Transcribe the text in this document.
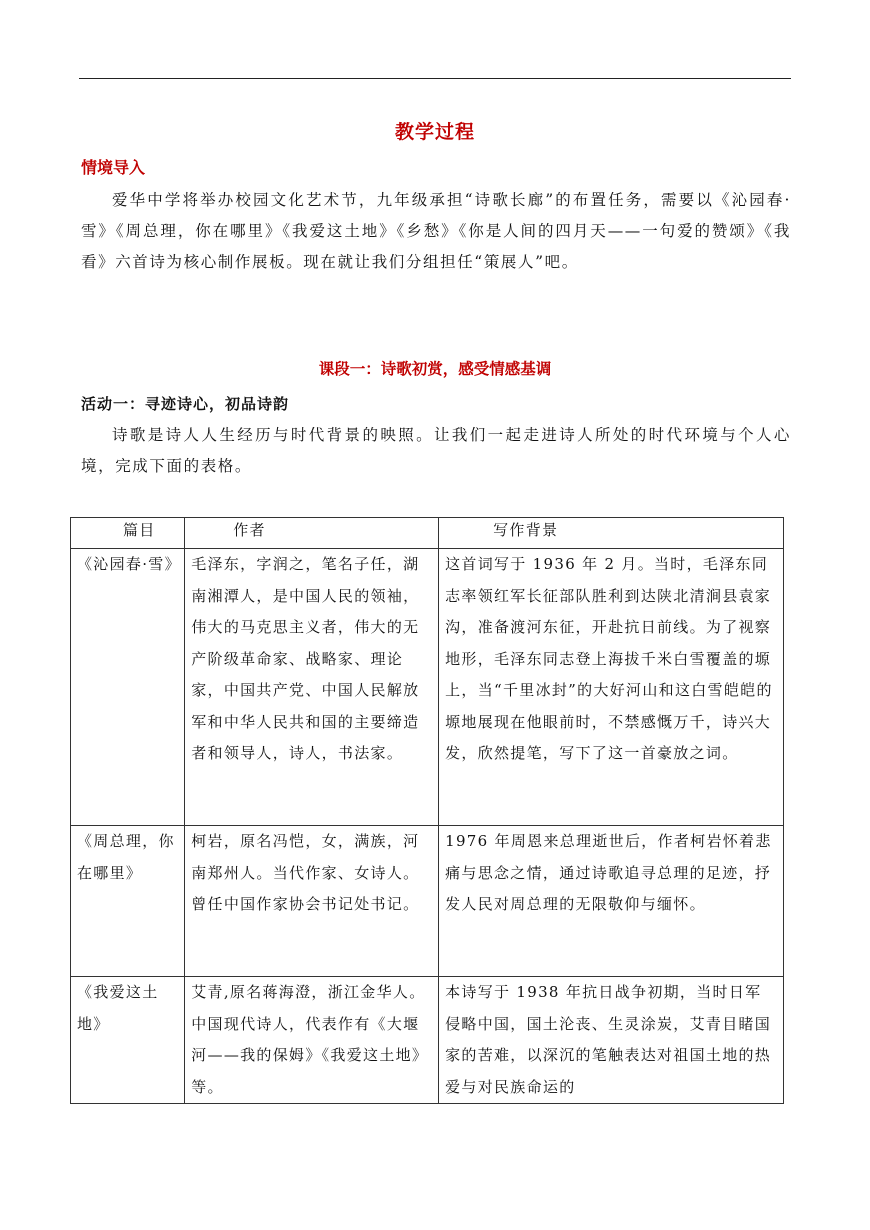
教学过程
情境导入
爱华中学将举办校园文化艺术节，九年级承担“诗歌长廊”的布置任务，需要以《沁园春·雪》《周总理，你在哪里》《我爱这土地》《乡愁》《你是人间的四月天——一句爱的赞颂》《我看》六首诗为核心制作展板。现在就让我们分组担任“策展人”吧。
课段一：诗歌初赏，感受情感基调
活动一：寻迹诗心，初品诗韵
诗歌是诗人人生经历与时代背景的映照。让我们一起走进诗人所处的时代环境与个人心境，完成下面的表格。
篇目	作者	写作背景
《沁园春·雪》	毛泽东，字润之，笔名子任，湖南湘潭人，是中国人民的领袖，伟大的马克思主义者，伟大的无产阶级革命家、战略家、理论家，中国共产党、中国人民解放军和中华人民共和国的主要缔造者和领导人，诗人，书法家。	这首词写于 1936 年 2 月。当时，毛泽东同志率领红军长征部队胜利到达陕北清涧县袁家沟，准备渡河东征，开赴抗日前线。为了视察地形，毛泽东同志登上海拔千米白雪覆盖的塬上，当“千里冰封”的大好河山和这白雪皑皑的塬地展现在他眼前时，不禁感慨万千，诗兴大发，欣然提笔，写下了这一首豪放之词。
《周总理，你在哪里》	柯岩，原名冯恺，女，满族，河南郑州人。当代作家、女诗人。曾任中国作家协会书记处书记。	1976 年周恩来总理逝世后，作者柯岩怀着悲痛与思念之情，通过诗歌追寻总理的足迹，抒发人民对周总理的无限敬仰与缅怀。
《我爱这土地》	艾青,原名蒋海澄，浙江金华人。中国现代诗人，代表作有《大堰河——我的保姆》《我爱这土地》等。	本诗写于 1938 年抗日战争初期，当时日军侵略中国，国土沦丧、生灵涂炭，艾青目睹国家的苦难，以深沉的笔触表达对祖国土地的热爱与对民族命运的
